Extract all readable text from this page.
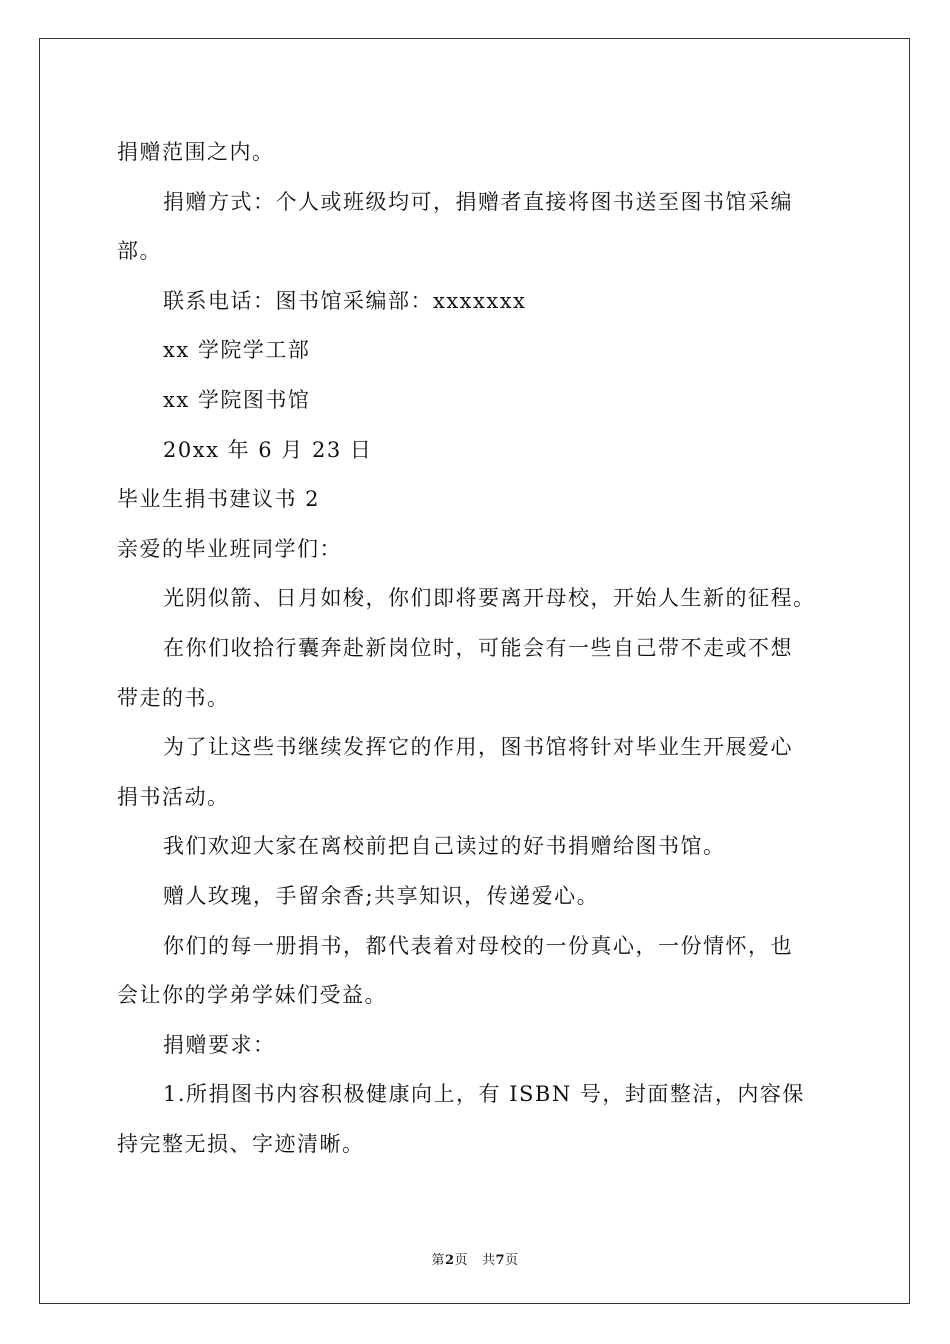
捐赠范围之内。
捐赠方式：个人或班级均可，捐赠者直接将图书送至图书馆采编
部。
联系电话：图书馆采编部：xxxxxxx
xx 学院学工部
xx 学院图书馆
20xx 年 6 月 23 日
毕业生捐书建议书 2
亲爱的毕业班同学们：
光阴似箭、日月如梭，你们即将要离开母校，开始人生新的征程。
在你们收拾行囊奔赴新岗位时，可能会有一些自己带不走或不想
带走的书。
为了让这些书继续发挥它的作用，图书馆将针对毕业生开展爱心
捐书活动。
我们欢迎大家在离校前把自己读过的好书捐赠给图书馆。
赠人玫瑰，手留余香;共享知识，传递爱心。
你们的每一册捐书，都代表着对母校的一份真心，一份情怀，也
会让你的学弟学妹们受益。
捐赠要求：
1.所捐图书内容积极健康向上，有 ISBN 号，封面整洁，内容保
持完整无损、字迹清晰。
第2页 共7页
